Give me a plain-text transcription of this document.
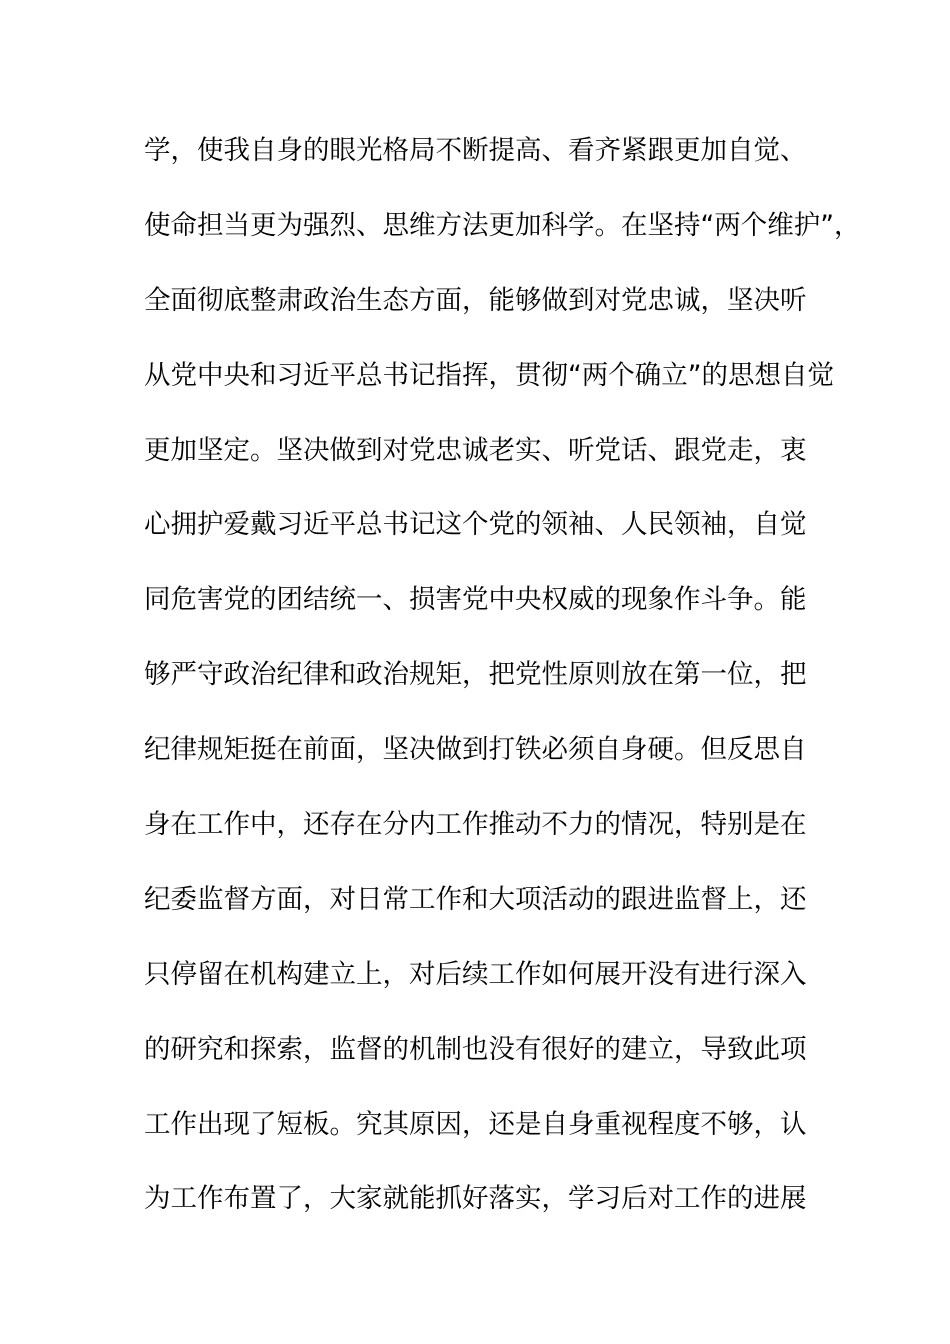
学，使我自身的眼光格局不断提高、看齐紧跟更加自觉、
使命担当更为强烈、思维方法更加科学。在坚持“两个维护”，
全面彻底整肃政治生态方面，能够做到对党忠诚，坚决听
从党中央和习近平总书记指挥，贯彻“两个确立”的思想自觉
更加坚定。坚决做到对党忠诚老实、听党话、跟党走，衷
心拥护爱戴习近平总书记这个党的领袖、人民领袖，自觉
同危害党的团结统一、损害党中央权威的现象作斗争。能
够严守政治纪律和政治规矩，把党性原则放在第一位，把
纪律规矩挺在前面，坚决做到打铁必须自身硬。但反思自
身在工作中，还存在分内工作推动不力的情况，特别是在
纪委监督方面，对日常工作和大项活动的跟进监督上，还
只停留在机构建立上，对后续工作如何展开没有进行深入
的研究和探索，监督的机制也没有很好的建立，导致此项
工作出现了短板。究其原因，还是自身重视程度不够，认
为工作布置了，大家就能抓好落实，学习后对工作的进展
